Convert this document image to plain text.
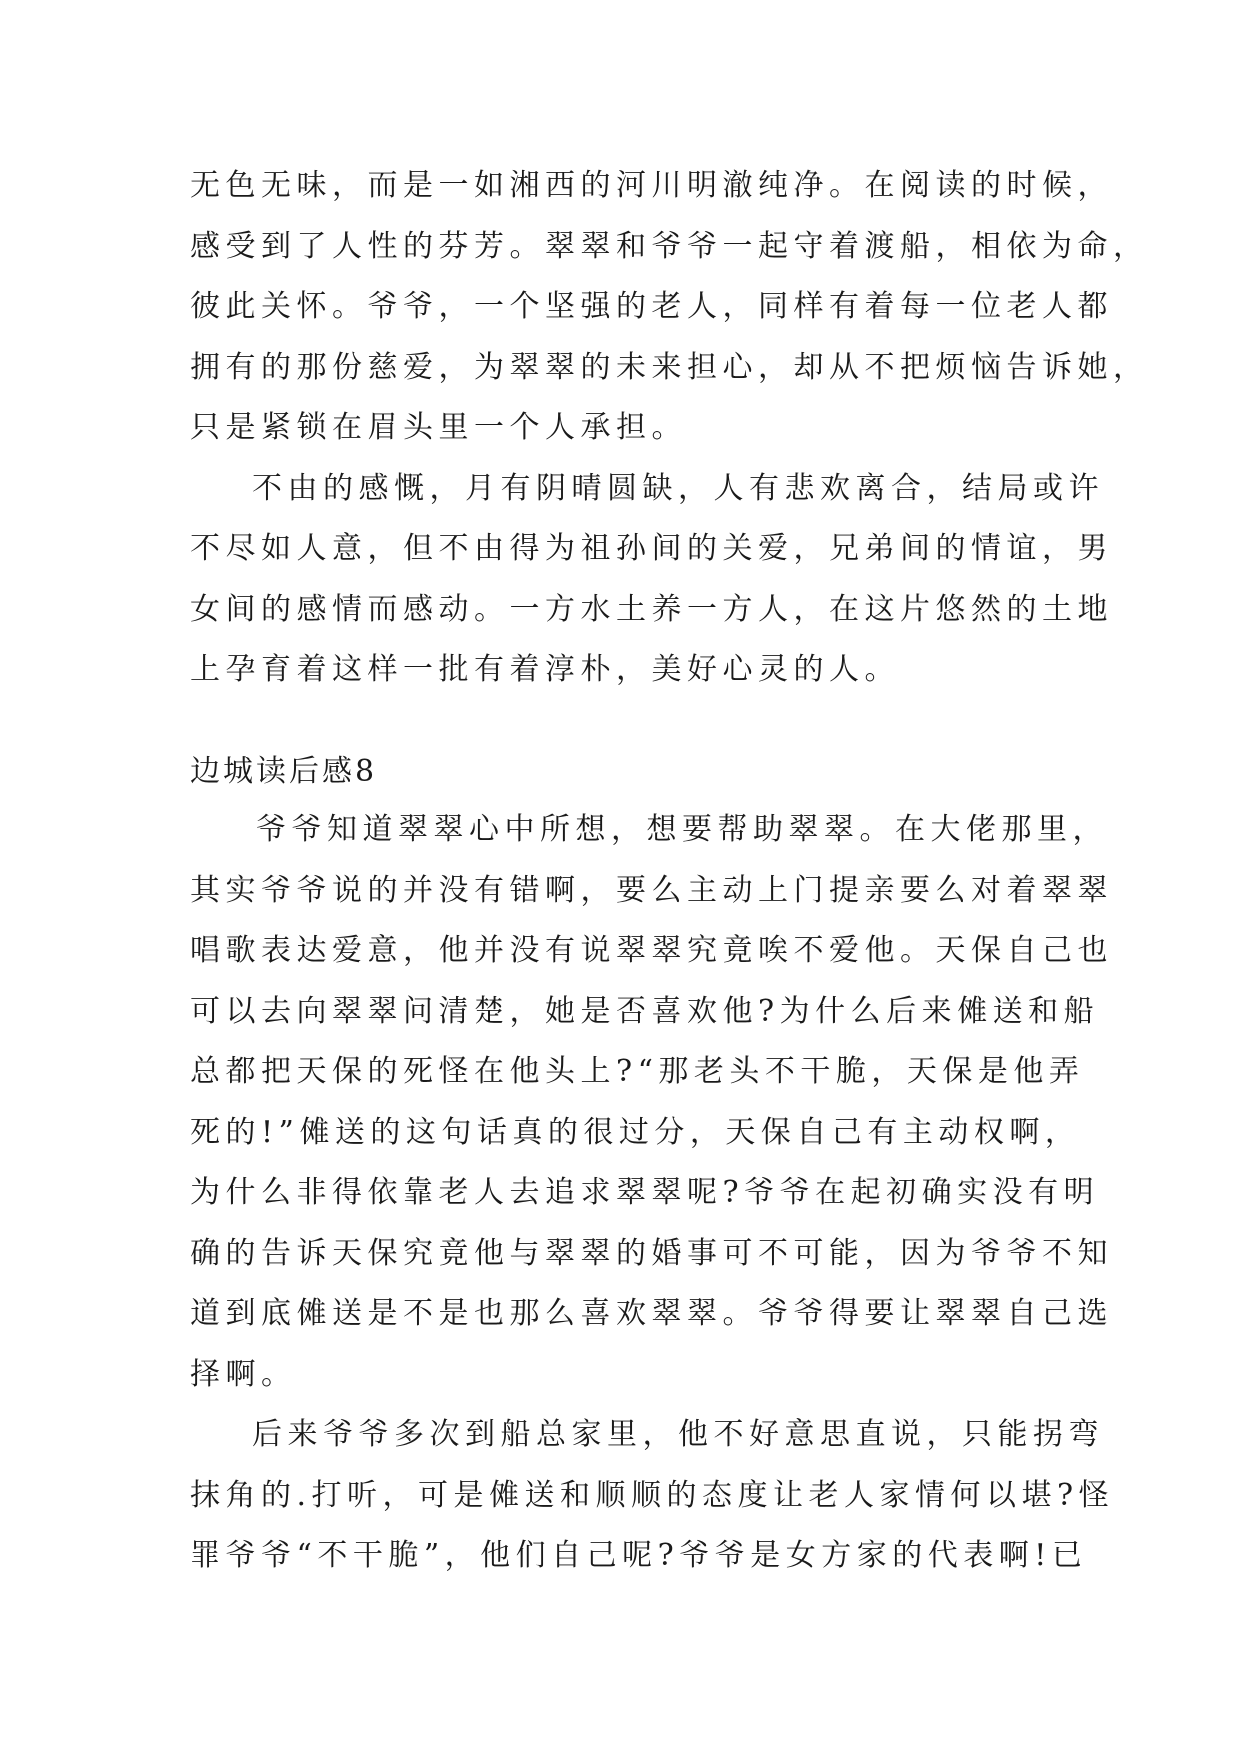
无色无味，而是一如湘西的河川明澈纯净。在阅读的时候，
感受到了人性的芬芳。翠翠和爷爷一起守着渡船，相依为命，
彼此关怀。爷爷，一个坚强的老人，同样有着每一位老人都
拥有的那份慈爱，为翠翠的未来担心，却从不把烦恼告诉她，
只是紧锁在眉头里一个人承担。
不由的感慨，月有阴晴圆缺，人有悲欢离合，结局或许
不尽如人意，但不由得为祖孙间的关爱，兄弟间的情谊，男
女间的感情而感动。一方水土养一方人，在这片悠然的土地
上孕育着这样一批有着淳朴，美好心灵的人。
边城读后感8
爷爷知道翠翠心中所想，想要帮助翠翠。在大佬那里，
其实爷爷说的并没有错啊，要么主动上门提亲要么对着翠翠
唱歌表达爱意，他并没有说翠翠究竟唉不爱他。天保自己也
可以去向翠翠问清楚，她是否喜欢他?为什么后来傩送和船
总都把天保的死怪在他头上?“那老头不干脆，天保是他弄
死的!”傩送的这句话真的很过分，天保自己有主动权啊，
为什么非得依靠老人去追求翠翠呢?爷爷在起初确实没有明
确的告诉天保究竟他与翠翠的婚事可不可能，因为爷爷不知
道到底傩送是不是也那么喜欢翠翠。爷爷得要让翠翠自己选
择啊。
后来爷爷多次到船总家里，他不好意思直说，只能拐弯
抹角的.打听，可是傩送和顺顺的态度让老人家情何以堪?怪
罪爷爷“不干脆”，他们自己呢?爷爷是女方家的代表啊!已
